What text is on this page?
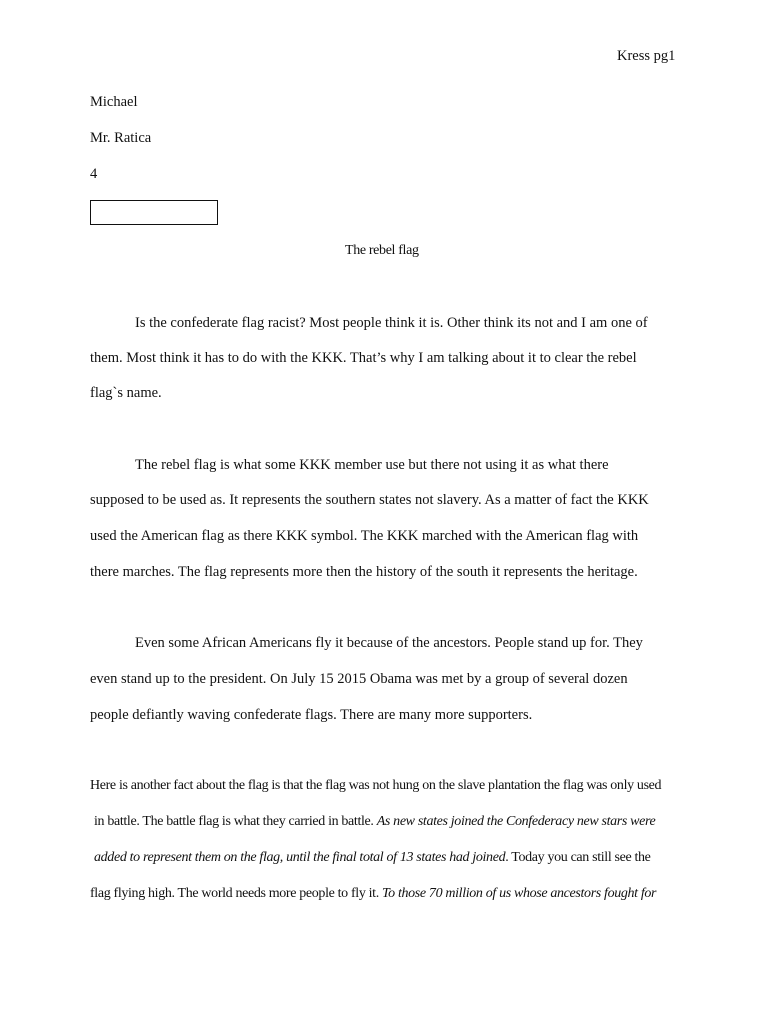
Kress pg1
Michael
Mr. Ratica
4
The rebel flag
Is the confederate flag racist? Most people think it is. Other think its not and I am one of
them. Most think it has to do with the KKK. That’s why I am talking about it to clear the rebel
flag`s name.
The rebel flag is what some KKK member use but there not using it as what there
supposed to be used as. It represents the southern states not slavery. As a matter of fact the KKK
used the American flag as there KKK symbol. The KKK marched with the American flag with
there marches. The flag represents more then the history of the south it represents the heritage.
Even some African Americans fly it because of the ancestors. People stand up for. They
even stand up to the president. On July 15 2015 Obama was met by a group of several dozen
people defiantly waving confederate flags. There are many more supporters.
Here is another fact about the flag is that the flag was not hung on the slave plantation the flag was only used
in battle. The battle flag is what they carried in battle. As new states joined the Confederacy new stars were
added to represent them on the flag, until the final total of 13 states had joined. Today you can still see the
flag flying high. The world needs more people to fly it. To those 70 million of us whose ancestors fought for
